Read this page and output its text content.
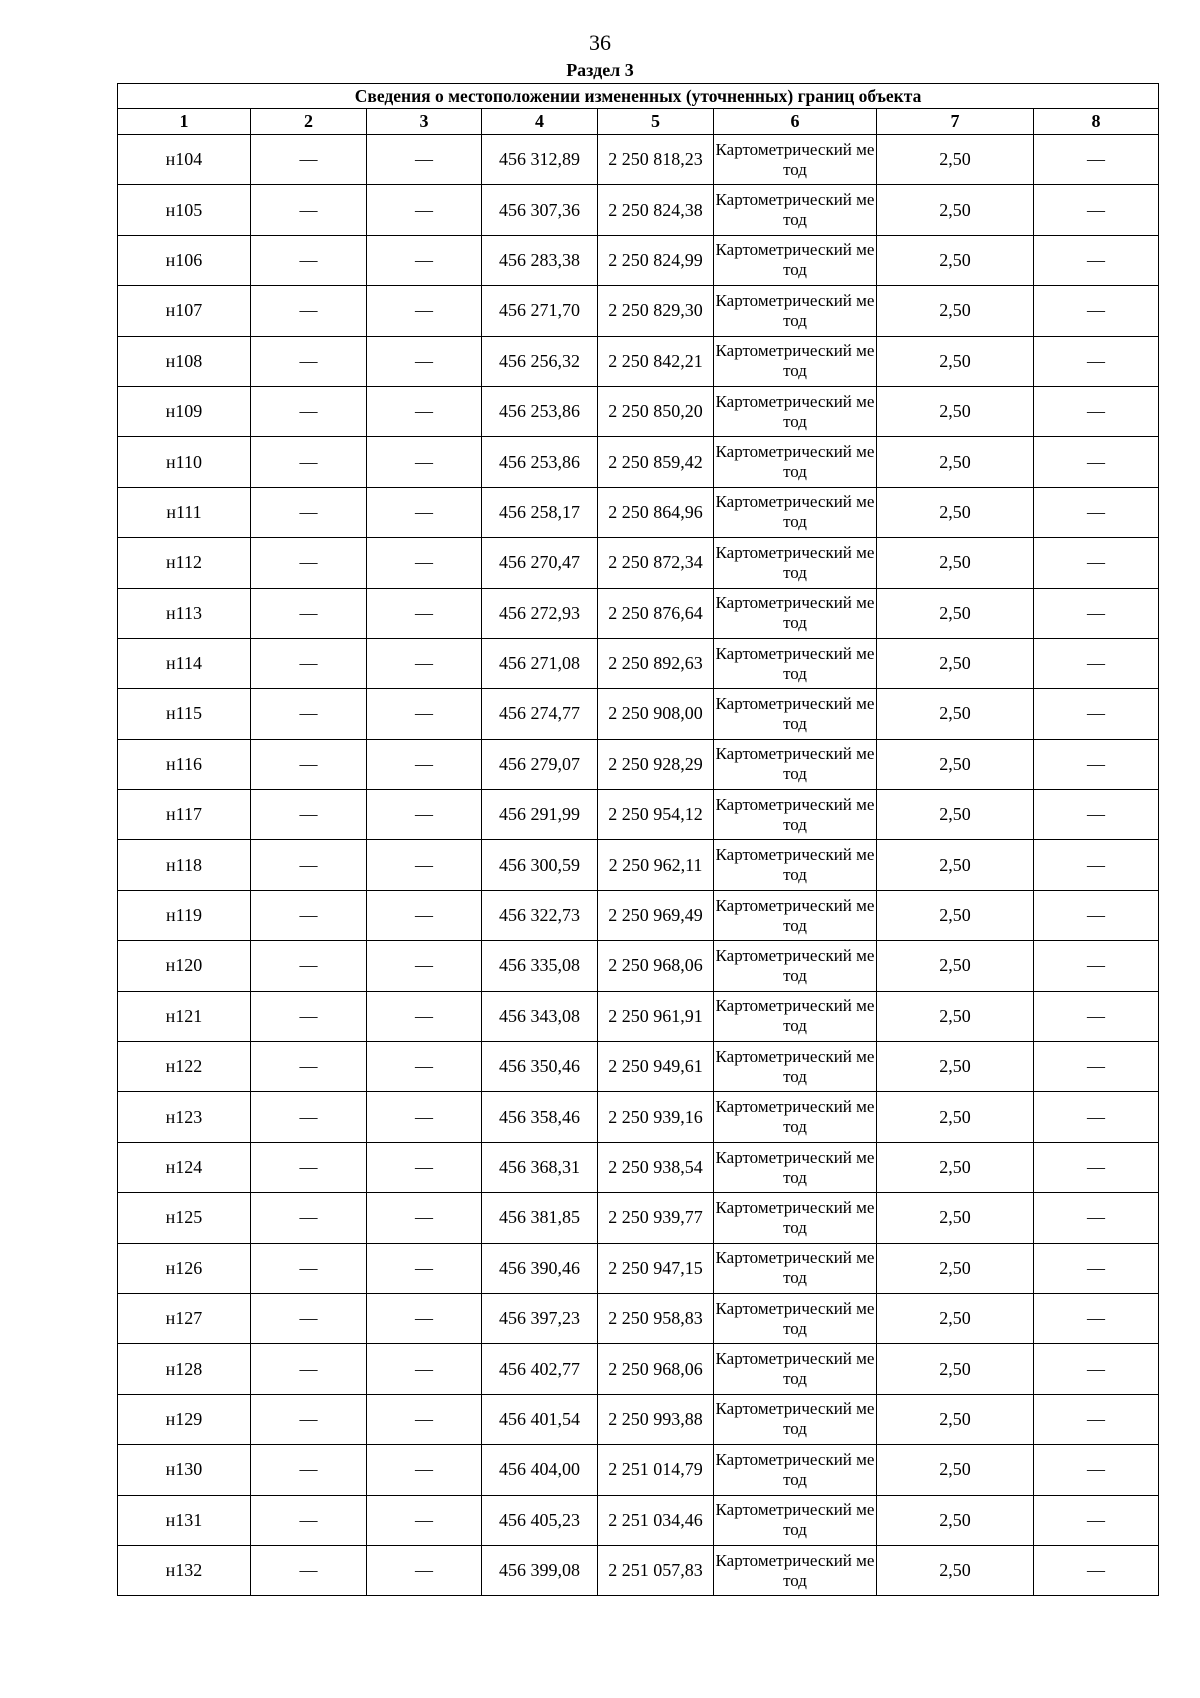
36
Раздел 3
Сведения о местоположении измененных (уточненных) границ объекта							
1	2	3	4	5	6	7	8
н104	—	—	456 312,89	2 250 818,23	Картометрический метод	2,50	—
н105	—	—	456 307,36	2 250 824,38	Картометрический метод	2,50	—
н106	—	—	456 283,38	2 250 824,99	Картометрический метод	2,50	—
н107	—	—	456 271,70	2 250 829,30	Картометрический метод	2,50	—
н108	—	—	456 256,32	2 250 842,21	Картометрический метод	2,50	—
н109	—	—	456 253,86	2 250 850,20	Картометрический метод	2,50	—
н110	—	—	456 253,86	2 250 859,42	Картометрический метод	2,50	—
н111	—	—	456 258,17	2 250 864,96	Картометрический метод	2,50	—
н112	—	—	456 270,47	2 250 872,34	Картометрический метод	2,50	—
н113	—	—	456 272,93	2 250 876,64	Картометрический метод	2,50	—
н114	—	—	456 271,08	2 250 892,63	Картометрический метод	2,50	—
н115	—	—	456 274,77	2 250 908,00	Картометрический метод	2,50	—
н116	—	—	456 279,07	2 250 928,29	Картометрический метод	2,50	—
н117	—	—	456 291,99	2 250 954,12	Картометрический метод	2,50	—
н118	—	—	456 300,59	2 250 962,11	Картометрический метод	2,50	—
н119	—	—	456 322,73	2 250 969,49	Картометрический метод	2,50	—
н120	—	—	456 335,08	2 250 968,06	Картометрический метод	2,50	—
н121	—	—	456 343,08	2 250 961,91	Картометрический метод	2,50	—
н122	—	—	456 350,46	2 250 949,61	Картометрический метод	2,50	—
н123	—	—	456 358,46	2 250 939,16	Картометрический метод	2,50	—
н124	—	—	456 368,31	2 250 938,54	Картометрический метод	2,50	—
н125	—	—	456 381,85	2 250 939,77	Картометрический метод	2,50	—
н126	—	—	456 390,46	2 250 947,15	Картометрический метод	2,50	—
н127	—	—	456 397,23	2 250 958,83	Картометрический метод	2,50	—
н128	—	—	456 402,77	2 250 968,06	Картометрический метод	2,50	—
н129	—	—	456 401,54	2 250 993,88	Картометрический метод	2,50	—
н130	—	—	456 404,00	2 251 014,79	Картометрический метод	2,50	—
н131	—	—	456 405,23	2 251 034,46	Картометрический метод	2,50	—
н132	—	—	456 399,08	2 251 057,83	Картометрический метод	2,50	—
